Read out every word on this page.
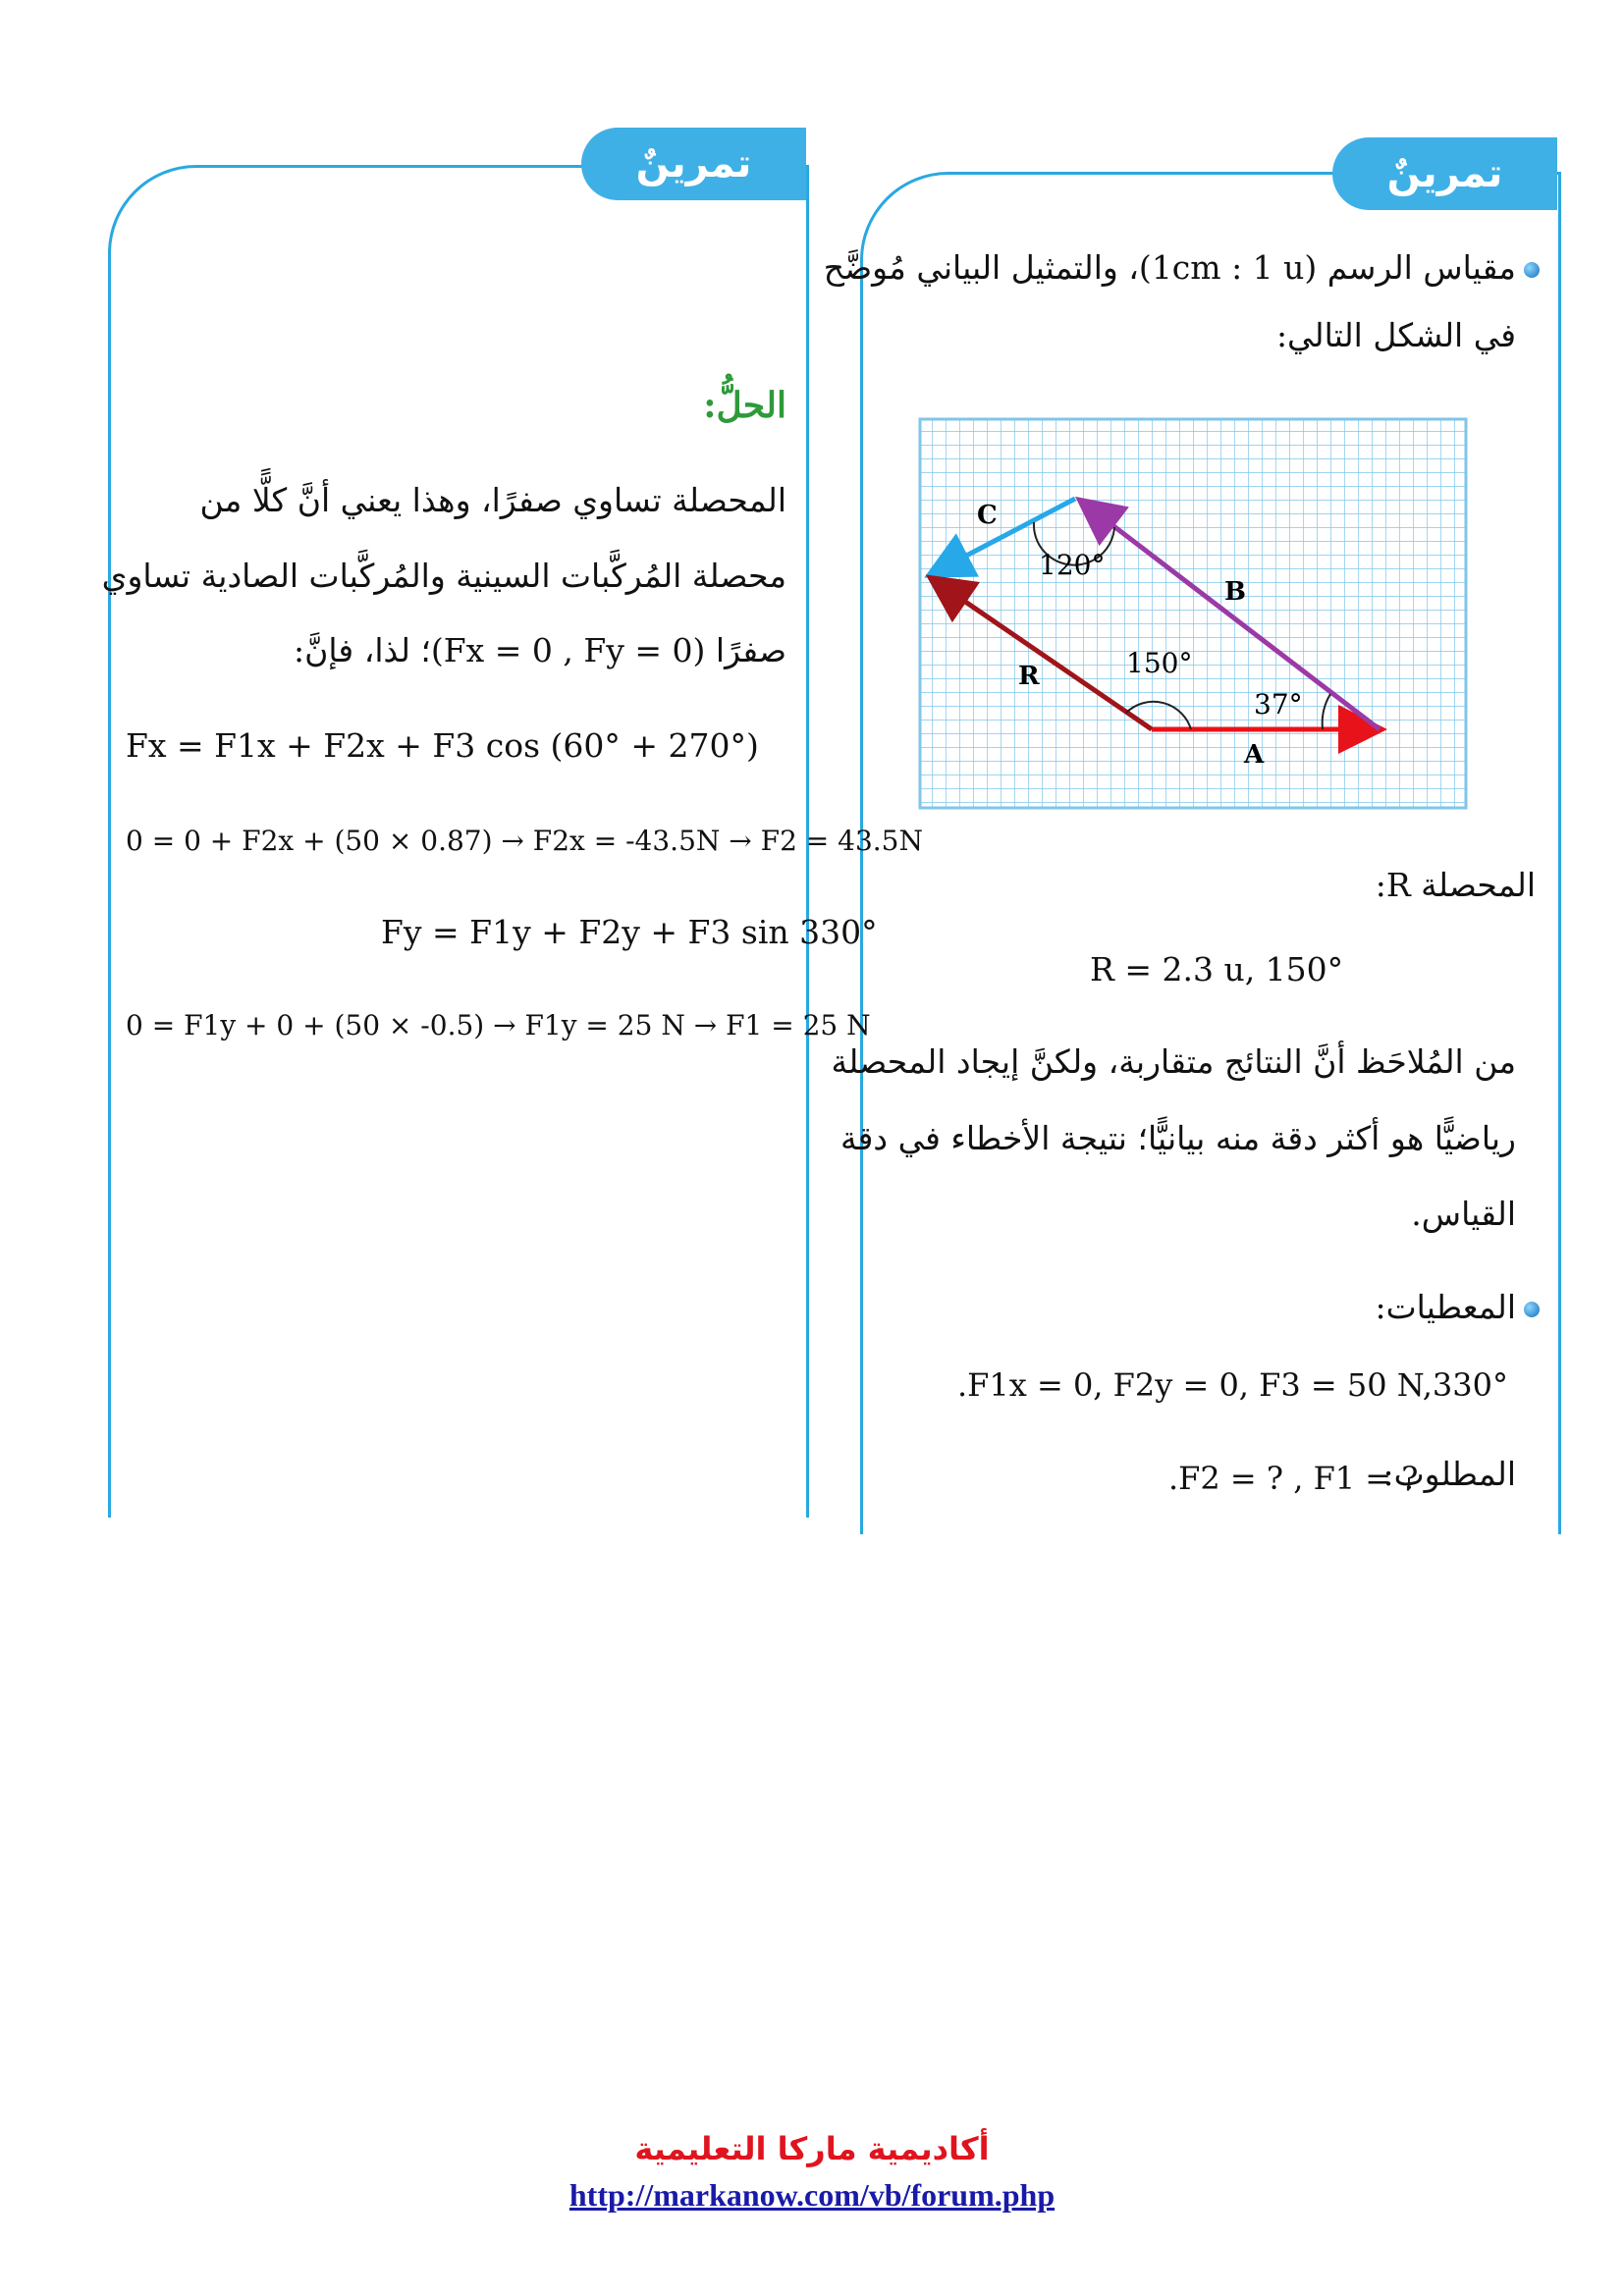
تمرينٌ
مقياس الرسم (1cm : 1 u)، والتمثيل البياني مُوضَّح
في الشكل التالي:
C
B
R
A
120°
150°
37°
المحصلة R:
R = 2.3 u, 150°
من المُلاحَظ أنَّ النتائج متقاربة، ولكنَّ إيجاد المحصلة
رياضيًّا هو أكثر دقة منه بيانيًّا؛ نتيجة الأخطاء في دقة
القياس.
المعطيات:
.F1x = 0, F2y = 0, F3 = 50 N,330°
المطلوب:
.F2 = ? , F1 = ?
تمرينٌ
الحلُّ:
المحصلة تساوي صفرًا، وهذا يعني أنَّ كلًّا من
محصلة المُركَّبات السينية والمُركَّبات الصادية تساوي
صفرًا (Fx = 0 , Fy = 0)؛ لذا، فإنَّ:
Fx = F1x + F2x + F3 cos (60° + 270°)
0 = 0 + F2x + (50 × 0.87) → F2x = -43.5N → F2 = 43.5N
Fy = F1y + F2y + F3 sin 330°
0 = F1y + 0 + (50 × -0.5) → F1y = 25 N → F1 = 25 N
أكاديمية ماركا التعليمية
http://markanow.com/vb/forum.php
